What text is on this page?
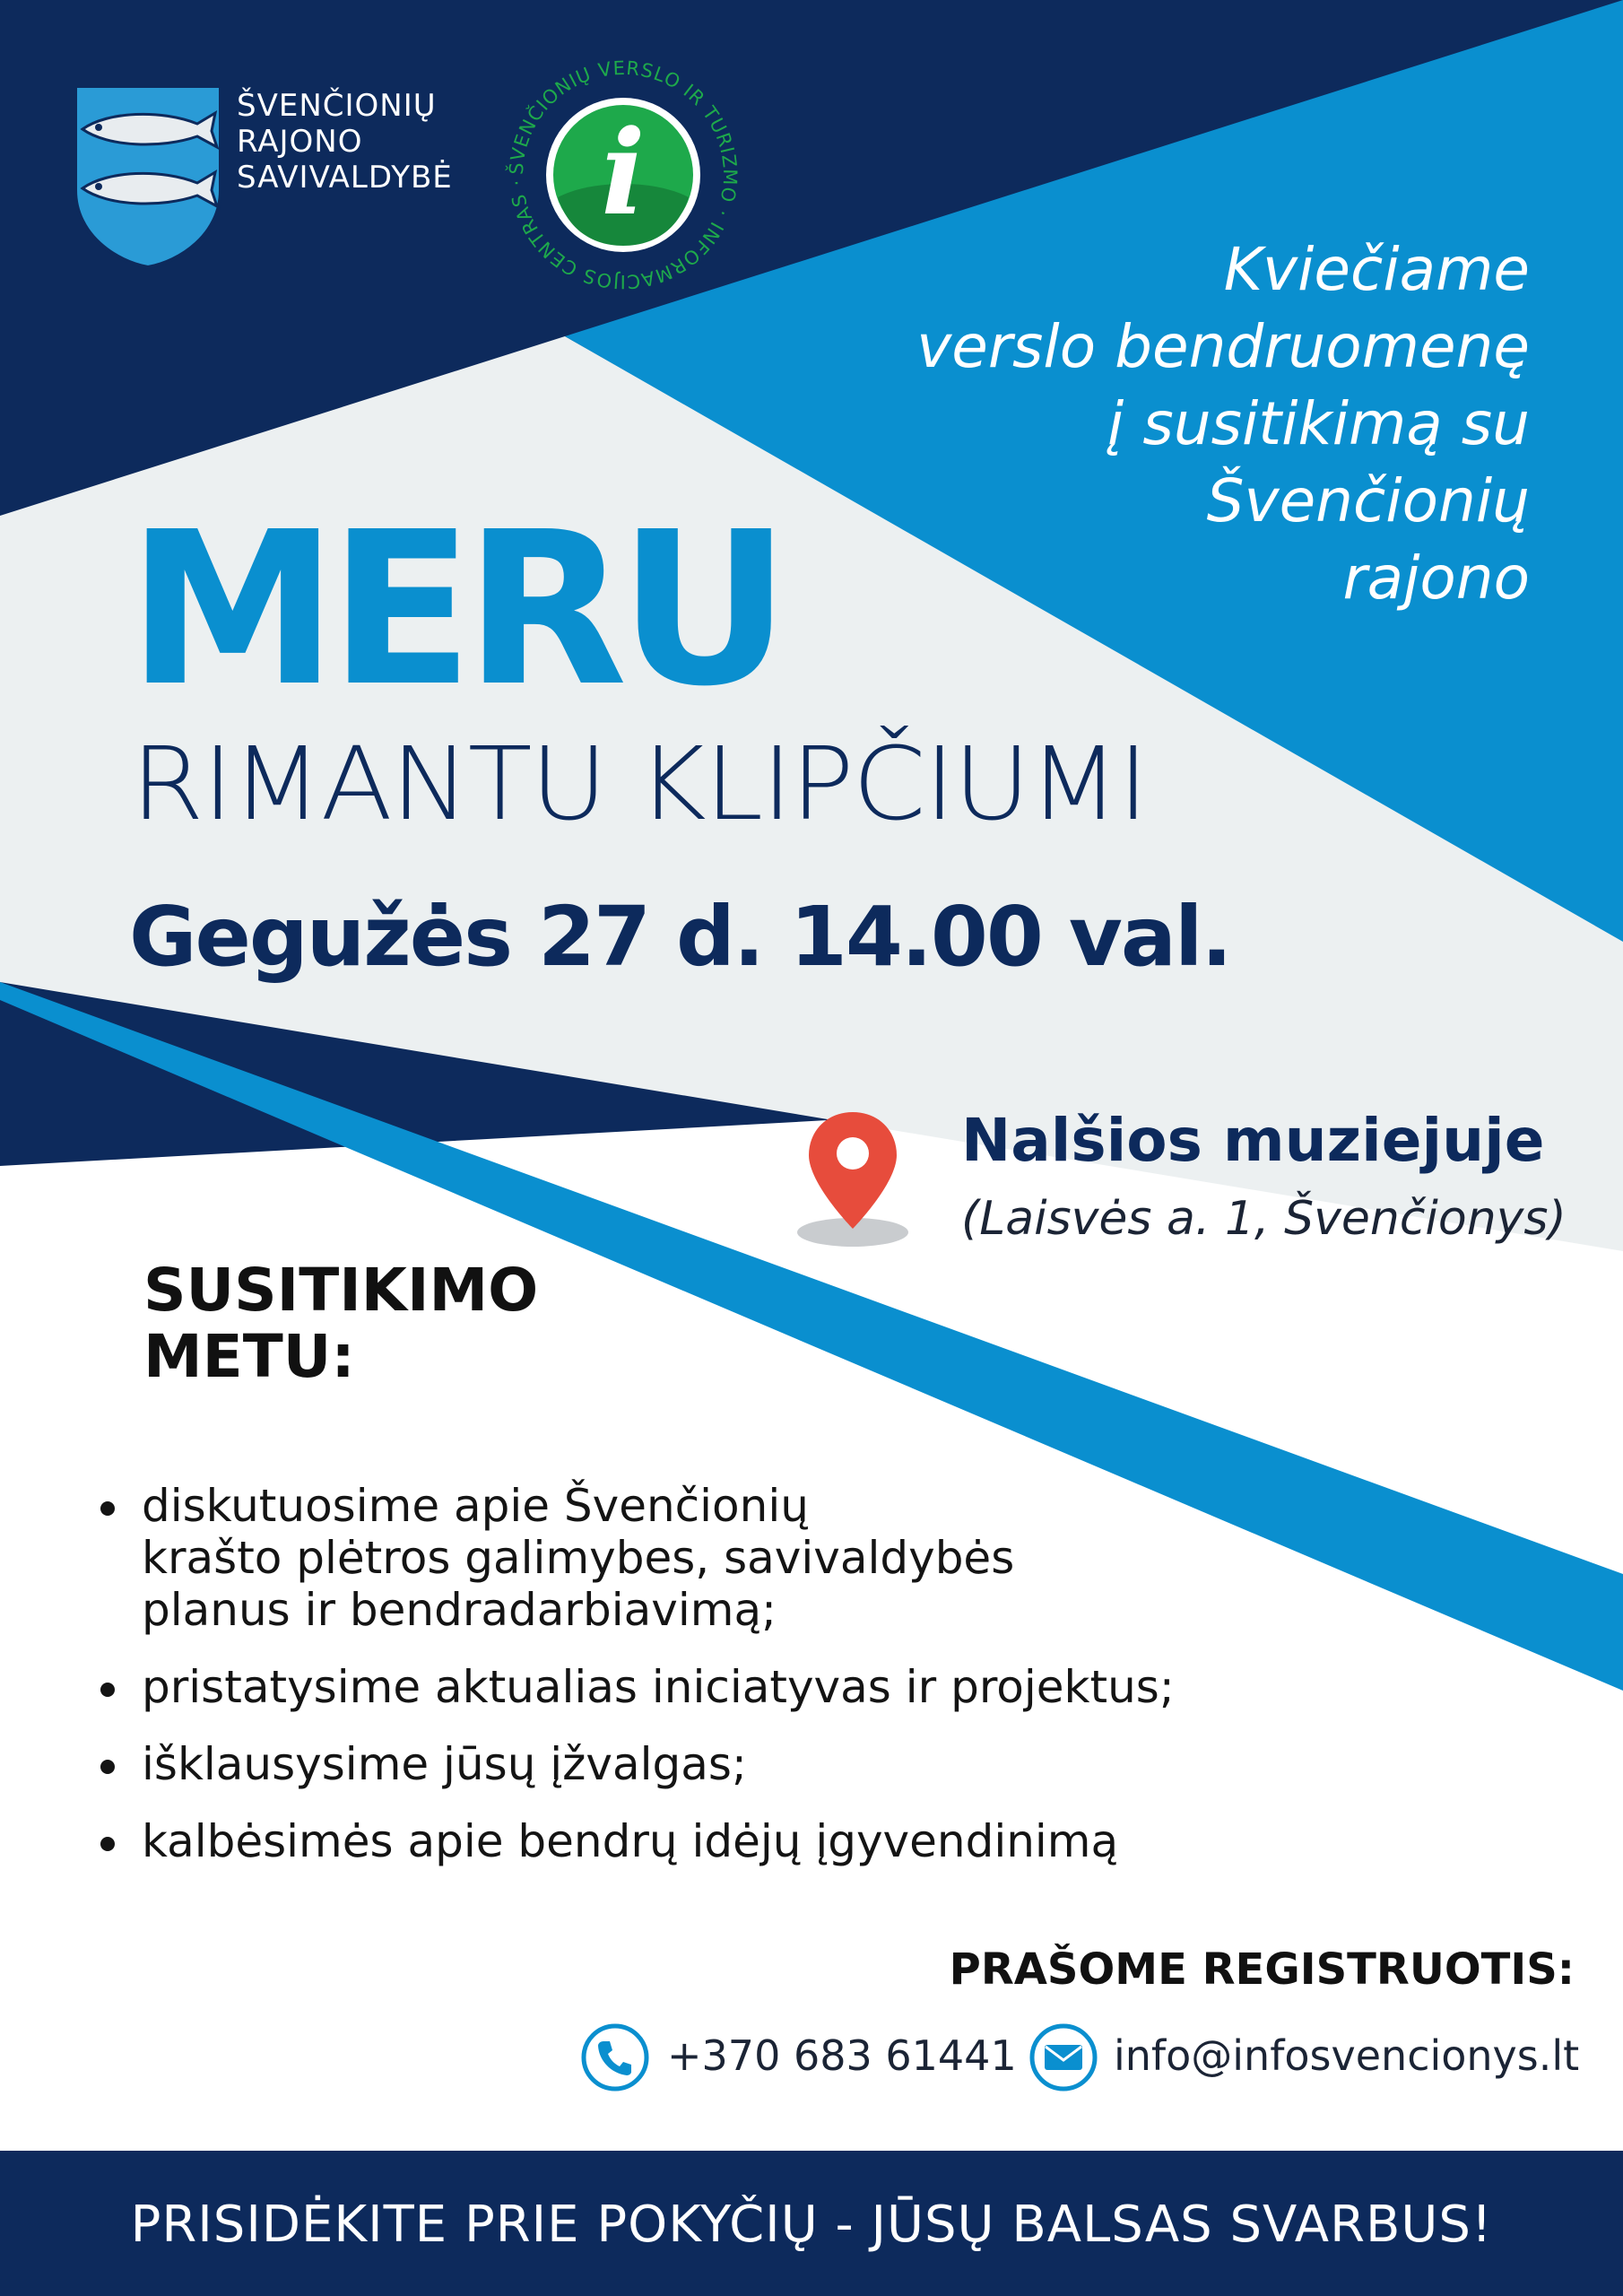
ŠVENČIONIŲ
RAJONO
SAVIVALDYBĖ i
ŠVENČIONIŲ VERSLO IR TURIZMO · INFORMACIJOS CENTRAS ·
Kviečiame
verslo bendruomenę
į susitikimą su
Švenčionių
rajono
MERU
RIMANTU KLIPČIUMI
Gegužės 27 d. 14.00 val.
Nalšios muziejuje
(Laisvės a. 1, Švenčionys)
SUSITIKIMO
METU:
diskutuosime apie Švenčionių
krašto plėtros galimybes, savivaldybės
planus ir bendradarbiavimą;
pristatysime aktualias iniciatyvas ir projektus;
išklausysime jūsų įžvalgas;
kalbėsimės apie bendrų idėjų įgyvendinimą
PRAŠOME REGISTRUOTIS:
+370 683 61441 info@infosvencionys.lt
PRISIDĖKITE PRIE POKYČIŲ - JŪSŲ BALSAS SVARBUS!
